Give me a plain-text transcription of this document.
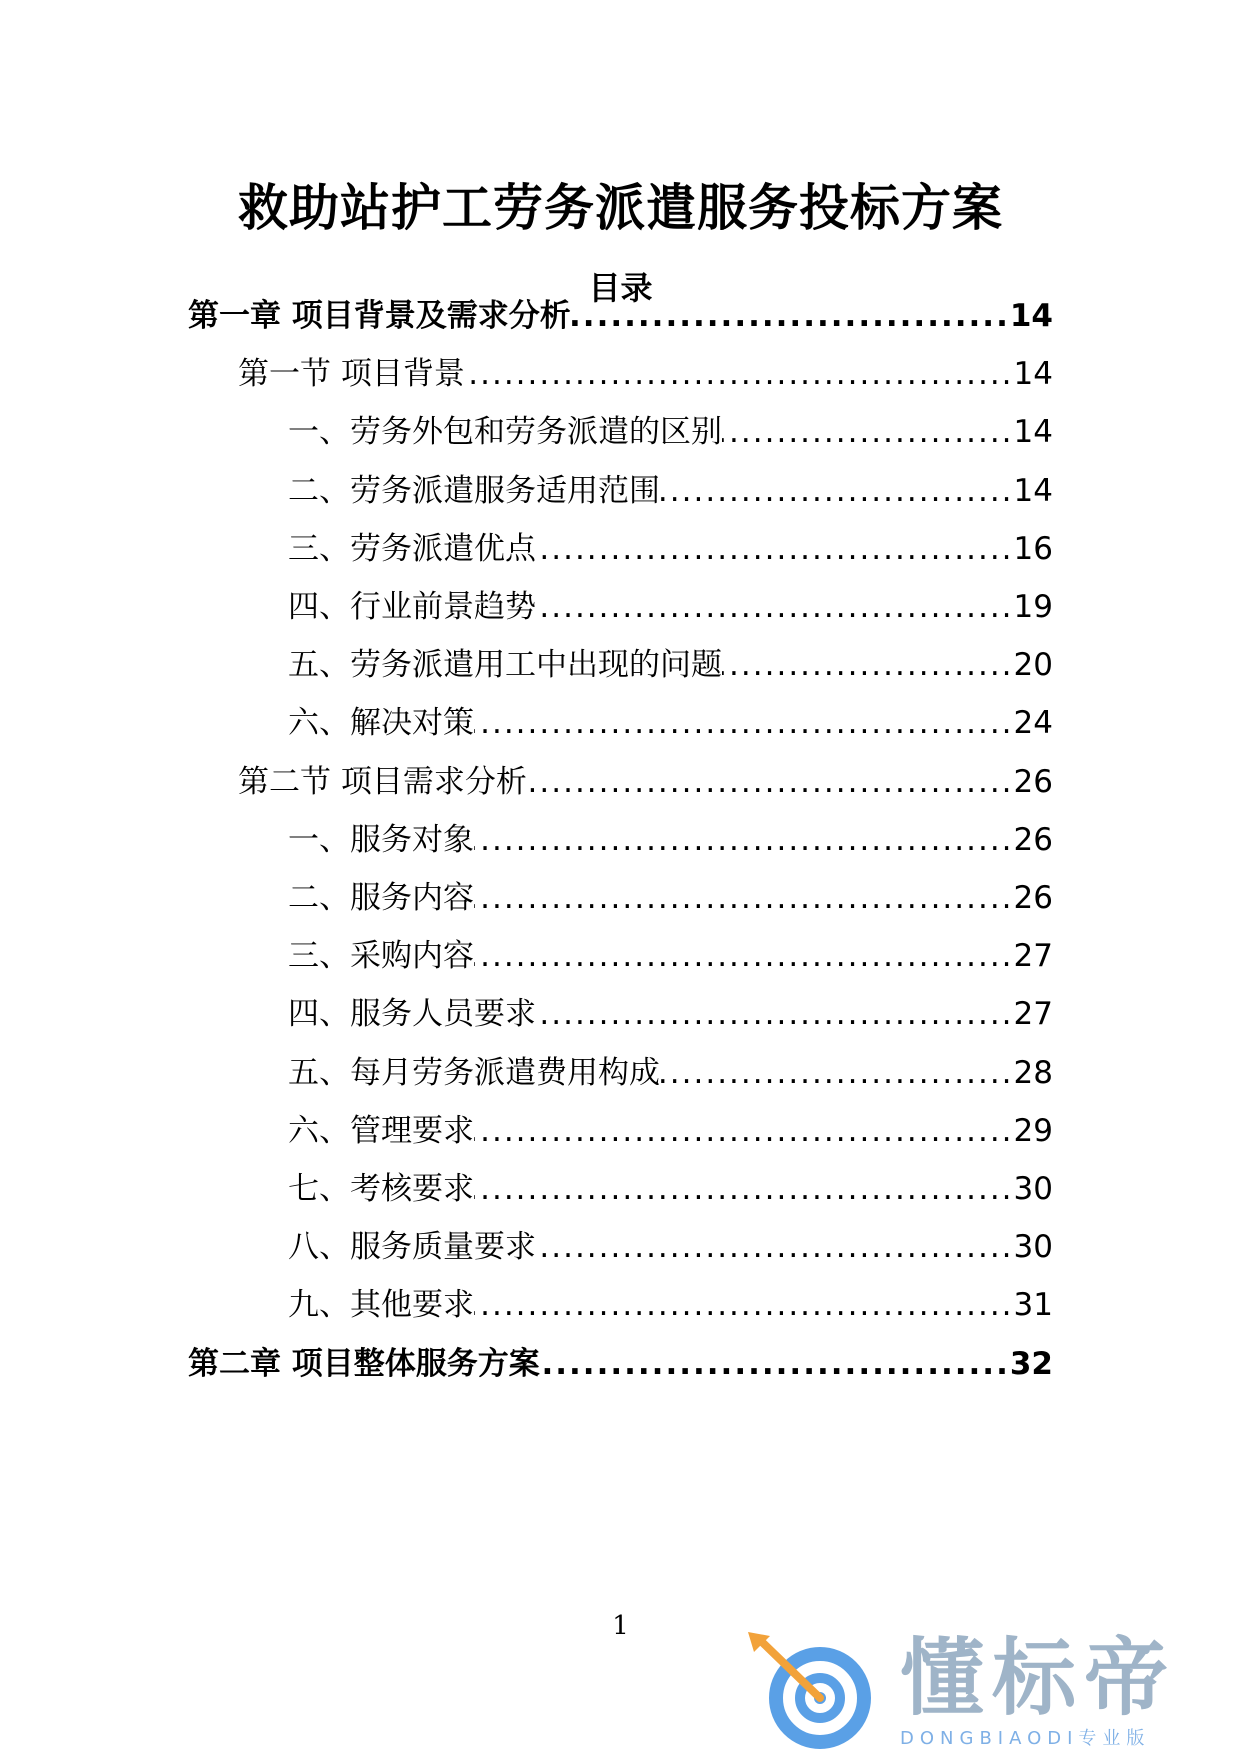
救助站护工劳务派遣服务投标方案
目录
第一章 项目背景及需求分析 .....	14
第一节 项目背景 .....	14
一、劳务外包和劳务派遣的区别 .....	14
二、劳务派遣服务适用范围 .....	14
三、劳务派遣优点 .....	16
四、行业前景趋势 .....	19
五、劳务派遣用工中出现的问题 .....	20
六、解决对策 .....	24
第二节 项目需求分析 .....	26
一、服务对象 .....	26
二、服务内容 .....	26
三、采购内容 .....	27
四、服务人员要求 .....	27
五、每月劳务派遣费用构成 .....	28
六、管理要求 .....	29
七、考核要求 .....	30
八、服务质量要求 .....	30
九、其他要求 .....	31
第二章 项目整体服务方案 .....	32
1
懂标帝
DONGBIAODI专业版
